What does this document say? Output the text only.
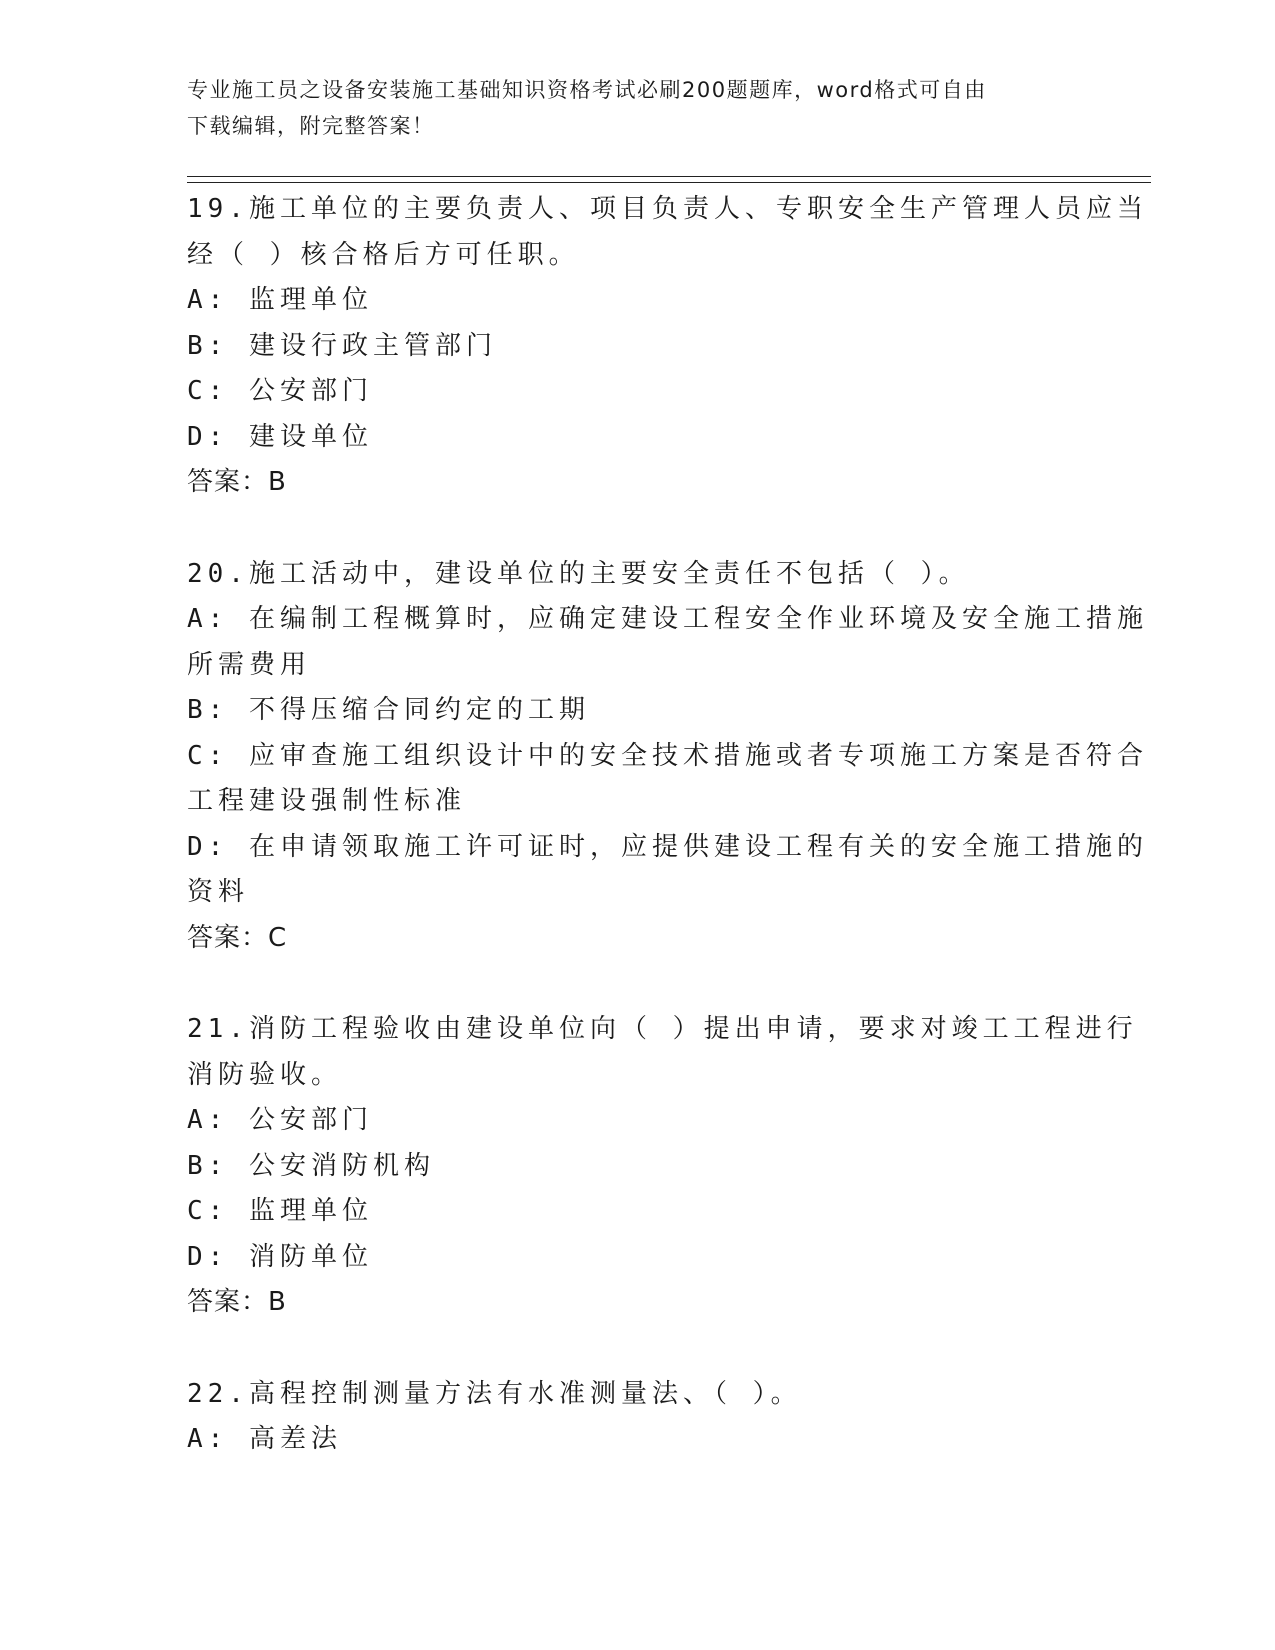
专业施工员之设备安装施工基础知识资格考试必刷200题题库，word格式可自由
下载编辑，附完整答案！
19.施工单位的主要负责人、项目负责人、专职安全生产管理人员应当
经（ ）核合格后方可任职。
A: 监理单位
B: 建设行政主管部门
C: 公安部门
D: 建设单位
答案：B
20.施工活动中，建设单位的主要安全责任不包括（ ）。
A: 在编制工程概算时，应确定建设工程安全作业环境及安全施工措施
所需费用
B: 不得压缩合同约定的工期
C: 应审查施工组织设计中的安全技术措施或者专项施工方案是否符合
工程建设强制性标准
D: 在申请领取施工许可证时，应提供建设工程有关的安全施工措施的
资料
答案：C
21.消防工程验收由建设单位向（ ）提出申请，要求对竣工工程进行
消防验收。
A: 公安部门
B: 公安消防机构
C: 监理单位
D: 消防单位
答案：B
22.高程控制测量方法有水准测量法、（ ）。
A: 高差法
